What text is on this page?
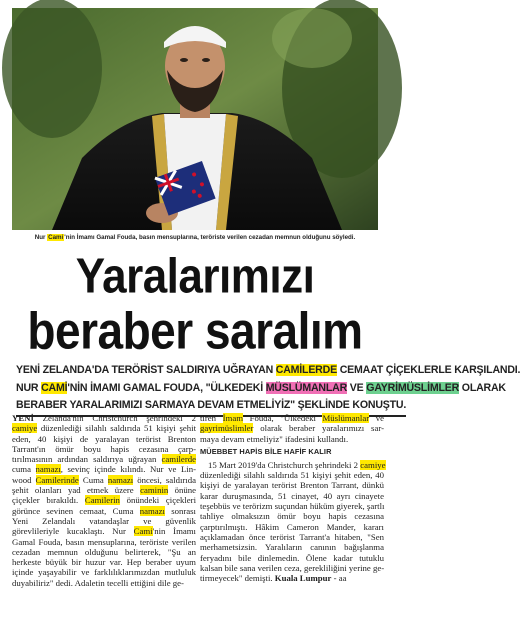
Nur Cami'nin İmamı Gamal Fouda, basın mensuplarına, teröriste verilen cezadan memnun olduğunu söyledi.
Yaralarımızı
beraber saralım
YENİ ZELANDA'DA TERÖRİST SALDIRIYA UĞRAYAN CAMİLERDE CEMAAT ÇİÇEKLERLE KARŞILANDI.
NUR CAMİ'NİN İMAMI GAMAL FOUDA, "ÜLKEDEKİ MÜSLÜMANLAR VE GAYRİMÜSLİMLER OLARAK
BERABER YARALARIMIZI SARMAYA DEVAM ETMELİYİZ" ŞEKLİNDE KONUŞTU.
YENİ Zelanda'nın Christchurch şehrindeki 2
camiye düzenlediği silahlı saldırıda 51 kişiyi şehit
eden, 40 kişiyi de yaralayan terörist Brenton
Tarrant'ın ömür boyu hapis cezasına çarp-
tırılmasının ardından saldırıya uğrayan camilerde
cuma namazı, sevinç içinde kılındı. Nur ve Lin-
wood Camilerinde Cuma namazı öncesi, saldırıda
şehit olanları yad etmek üzere caminin önüne
çiçekler bırakıldı. Camilerin önündeki çiçekleri
görünce sevinen cemaat, Cuma namazı sonrası
Yeni Zelandalı vatandaşlar ve güvenlik
görevlileriyle kucaklaştı. Nur Cami'nin İmamı
Gamal Fouda, basın mensuplarına, teröriste verilen
cezadan memnun olduğunu belirterek, "Şu an
herkeste büyük bir huzur var. Hep beraber uyum
içinde yaşayabilir ve farklılıklarımızdan mutluluk
duyabiliriz" dedi. Adaletin tecelli ettiğini dile ge-
tiren İmam Fouda, "Ülkedeki Müslümanlar ve
gayrimüslimler olarak beraber yaralarımızı sar-
maya devam etmeliyiz" ifadesini kullandı.
MÜEBBET HAPİS BİLE HAFİF KALIR
15 Mart 2019'da Christchurch şehrindeki 2 camiye
düzenlediği silahlı saldırıda 51 kişiyi şehit eden, 40
kişiyi de yaralayan terörist Brenton Tarrant, dünkü
karar duruşmasında, 51 cinayet, 40 ayrı cinayete
teşebbüs ve terörizm suçundan hüküm giyerek, şartlı
tahliye olmaksızın ömür boyu hapis cezasına
çarptırılmıştı. Hâkim Cameron Mander, kararı
açıklamadan önce terörist Tarrant'a hitaben, "Sen
merhametsizsin. Yaralıların canının bağışlanma
feryadını bile dinlemedin. Ölene kadar tutuklu
kalsan bile sana verilen ceza, gerekliliğini yerine ge-
tirmeyecek" demişti. Kuala Lumpur - aa
